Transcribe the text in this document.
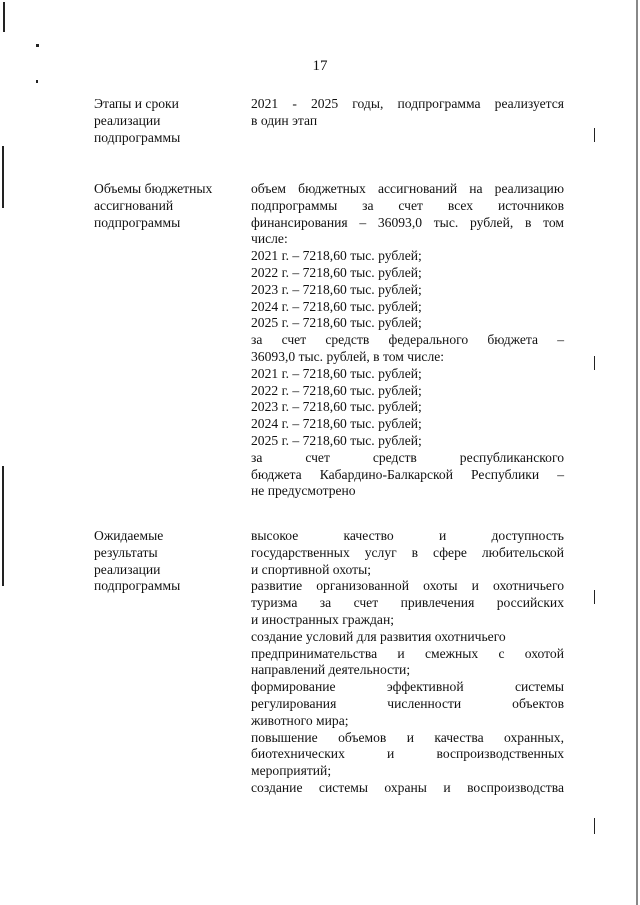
17
Этапы и сроки
реализации
подпрограммы
2021 - 2025 годы, подпрограмма реализуется
в один этап
Объемы бюджетных
ассигнований
подпрограммы
объем бюджетных ассигнований на реализацию
подпрограммы за счет всех источников
финансирования – 36093,0 тыс. рублей, в том
числе:
2021 г. – 7218,60 тыс. рублей;
2022 г. – 7218,60 тыс. рублей;
2023 г. – 7218,60 тыс. рублей;
2024 г. – 7218,60 тыс. рублей;
2025 г. – 7218,60 тыс. рублей;
за счет средств федерального бюджета –
36093,0 тыс. рублей, в том числе:
2021 г. – 7218,60 тыс. рублей;
2022 г. – 7218,60 тыс. рублей;
2023 г. – 7218,60 тыс. рублей;
2024 г. – 7218,60 тыс. рублей;
2025 г. – 7218,60 тыс. рублей;
за счет средств республиканского
бюджета Кабардино-Балкарской Республики –
не предусмотрено
Ожидаемые
результаты
реализации
подпрограммы
высокое качество и доступность
государственных услуг в сфере любительской
и спортивной охоты;
развитие организованной охоты и охотничьего
туризма за счет привлечения российских
и иностранных граждан;
создание условий для развития охотничьего
предпринимательства и смежных с охотой
направлений деятельности;
формирование эффективной системы
регулирования численности объектов
животного мира;
повышение объемов и качества охранных,
биотехнических и воспроизводственных
мероприятий;
создание системы охраны и воспроизводства
